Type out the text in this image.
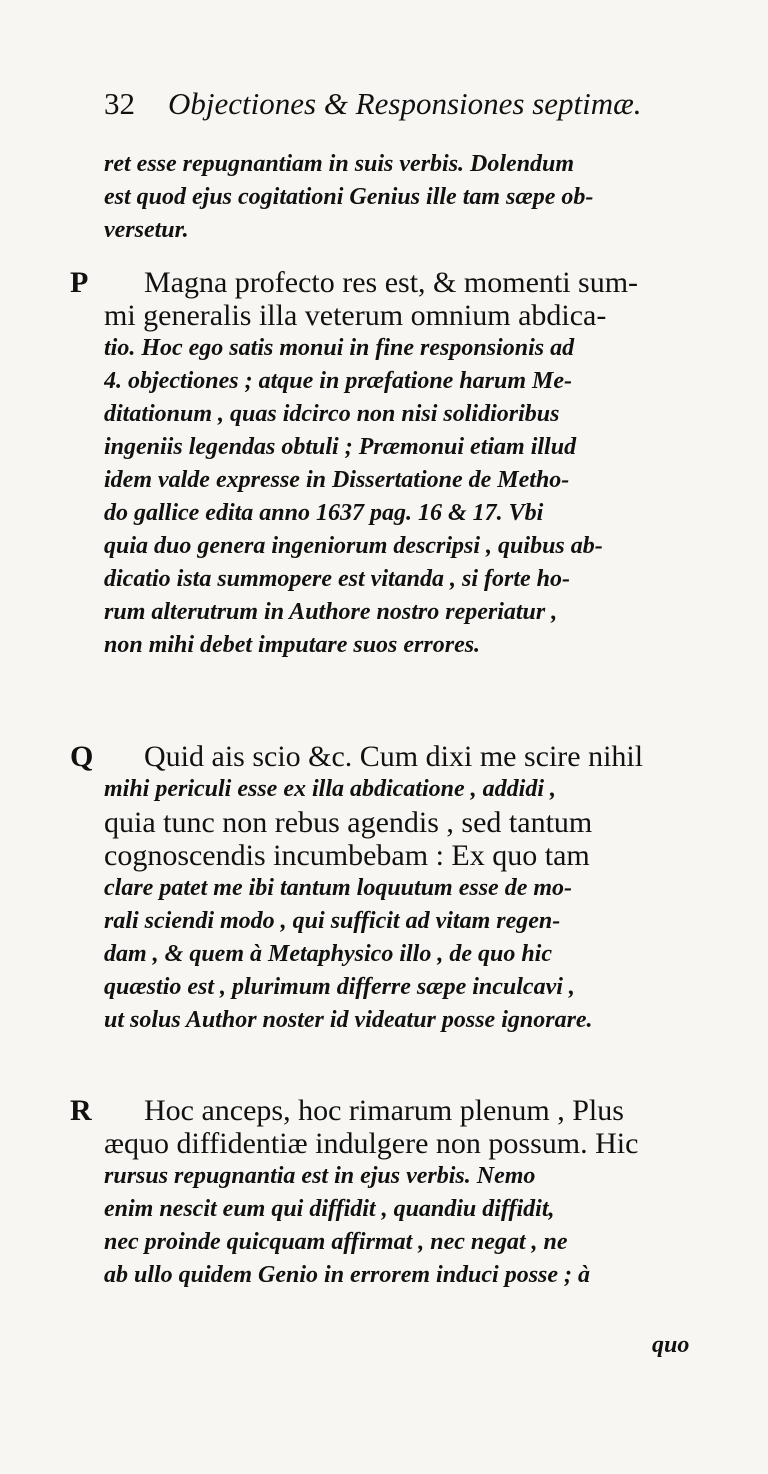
32 Objectiones & Responsiones septimæ.
ret esse repugnantiam in suis verbis. Dolendum
est quod ejus cogitationi Genius ille tam sæpe ob-
versetur.
P	Magna profecto res est, & momenti sum-
mi generalis illa veterum omnium abdica-
tio. Hoc ego satis monui in fine responsionis ad
4. objectiones ; atque in præfatione harum Me-
ditationum , quas idcirco non nisi solidioribus
ingeniis legendas obtuli ; Præmonui etiam illud
idem valde expresse in Dissertatione de Metho-
do gallice edita anno 1637 pag. 16 & 17. Vbi
quia duo genera ingeniorum descripsi , quibus ab-
dicatio ista summopere est vitanda , si forte ho-
rum alterutrum in Authore nostro reperiatur ,
non mihi debet imputare suos errores.
Q	Quid ais scio &c. Cum dixi me scire nihil
mihi periculi esse ex illa abdicatione , addidi ,
quia tunc non rebus agendis , sed tantum
cognoscendis incumbebam : Ex quo tam
clare patet me ibi tantum loquutum esse de mo-
rali sciendi modo , qui sufficit ad vitam regen-
dam , & quem à Metaphysico illo , de quo hic
quæstio est , plurimum differre sæpe inculcavi ,
ut solus Author noster id videatur posse ignorare.
R	Hoc anceps, hoc rimarum plenum , Plus
æquo diffidentiæ indulgere non possum. Hic
rursus repugnantia est in ejus verbis. Nemo
enim nescit eum qui diffidit , quandiu diffidit,
nec proinde quicquam affirmat , nec negat , ne
ab ullo quidem Genio in errorem induci posse ; à
quo
